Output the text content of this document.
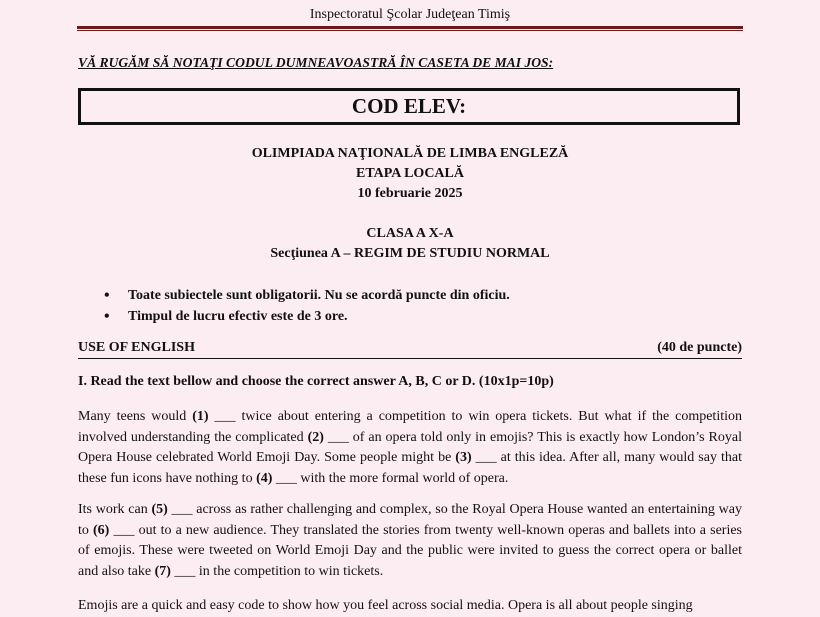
Inspectoratul Şcolar Judeţean Timiş
VĂ RUGĂM SĂ NOTAŢI CODUL DUMNEAVOASTRĂ ÎN CASETA DE MAI JOS:
COD ELEV:
OLIMPIADA NAŢIONALĂ DE LIMBA ENGLEZĂ
ETAPA LOCALĂ
10 februarie 2025
CLASA A X-A
Secţiunea A – REGIM DE STUDIU NORMAL
• Toate subiectele sunt obligatorii. Nu se acordă puncte din oficiu.
• Timpul de lucru efectiv este de 3 ore.
USE OF ENGLISH	(40 de puncte)
I. Read the text bellow and choose the correct answer A, B, C or D. (10x1p=10p)

Many teens would (1) ___ twice about entering a competition to win opera tickets. But what if the competition involved understanding the complicated (2) ___ of an opera told only in emojis? This is exactly how London’s Royal Opera House celebrated World Emoji Day. Some people might be (3) ___ at this idea. After all, many would say that these fun icons have nothing to (4) ___ with the more formal world of opera.

Its work can (5) ___ across as rather challenging and complex, so the Royal Opera House wanted an entertaining way to (6) ___ out to a new audience. They translated the stories from twenty well-known operas and ballets into a series of emojis. These were tweeted on World Emoji Day and the public were invited to guess the correct opera or ballet and also take (7) ___ in the competition to win tickets.

Emojis are a quick and easy code to show how you feel across social media. Opera is all about people singing
